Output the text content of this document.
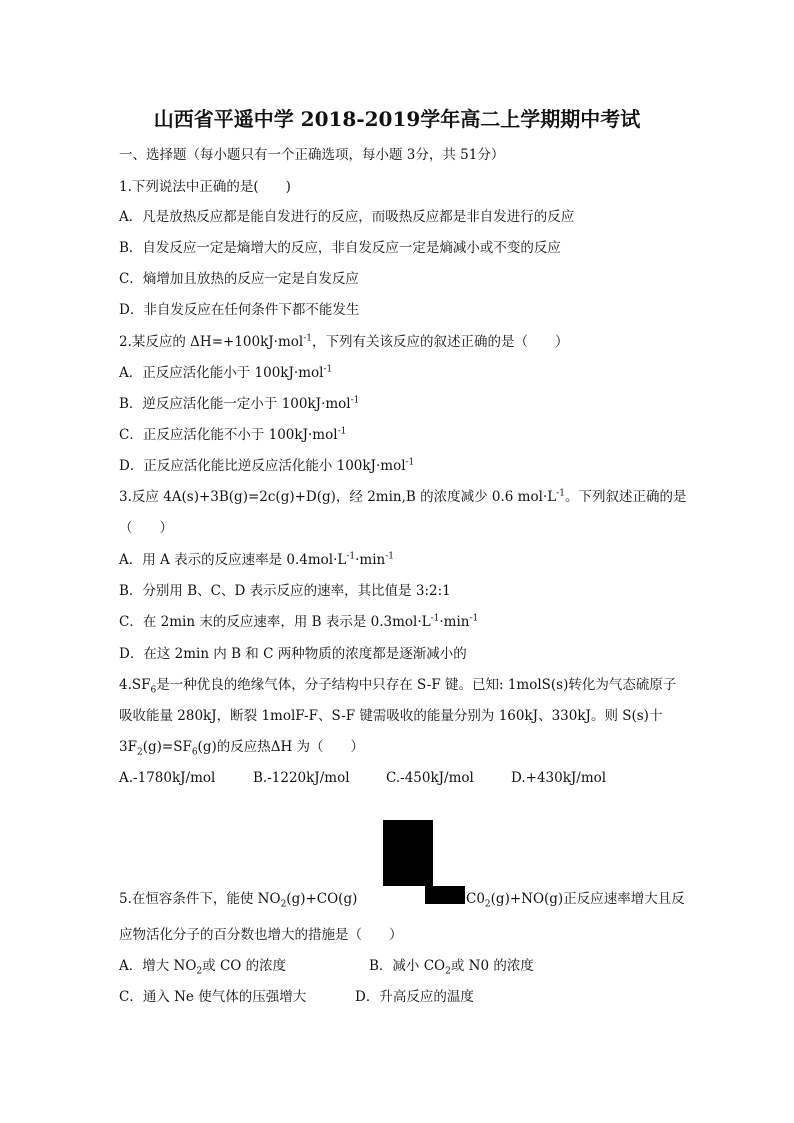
山西省平遥中学 2018-2019学年高二上学期期中考试
一、选择题（每小题只有一个正确选项，每小题 3分，共 51分）
1.下列说法中正确的是(　　)
A．凡是放热反应都是能自发进行的反应，而吸热反应都是非自发进行的反应
B．自发反应一定是熵增大的反应，非自发反应一定是熵减小或不变的反应
C．熵增加且放热的反应一定是自发反应
D．非自发反应在任何条件下都不能发生
2.某反应的 ΔH=+100kJ·mol$^{-1}$，下列有关该反应的叙述正确的是（　　）
A．正反应活化能小于 100kJ·mol$^{-1}$
B．逆反应活化能一定小于 100kJ·mol$^{-1}$
C．正反应活化能不小于 100kJ·mol$^{-1}$
D．正反应活化能比逆反应活化能小 100kJ·mol$^{-1}$
3.反应 4A(s)+3B(g)=2c(g)+D(g)，经 2min,B 的浓度减少 0.6 $mol\cdot L^{-1}$。下列叙述正确的是
（　　）
A．用 A 表示的反应速率是 $0.4mol\cdot L^{-1}\cdot\min^{-1}$
B．分别用 B、C、D 表示反应的速率，其比值是 3:2:1
C．在 2min 末的反应速率，用 B 表示是 $0.3mol\cdot L^{-1}\cdot\min^{-1}$
D．在这 2min 内 B 和 C 两种物质的浓度都是逐渐减小的
$4.SF_6$是一种优良的绝缘气体，分子结构中只存在 S-F 键。已知: 1molS(s)转化为气态硫原子
吸收能量 280kJ，断裂 1molF-F、S-F 键需吸收的能量分别为 160kJ、330kJ。则 S(s)十
$3F_2(g)=SF_6(g)$的反应热ΔH 为（　　）
A.-1780kJ/mol	B.-1220kJ/mol	C.-450kJ/mol	D.+430kJ/mol
5.在恒容条件下，能使 $NO_2(g)+CO(g)$	$C0_2(g)+NO(g)$正反应速率增大且反
应物活化分子的百分数也增大的措施是（　　）
A．增大 $NO_2$或 CO 的浓度	B．减小 $CO_2$或 N0 的浓度
C．通入 Ne 使气体的压强增大	D．升高反应的温度
